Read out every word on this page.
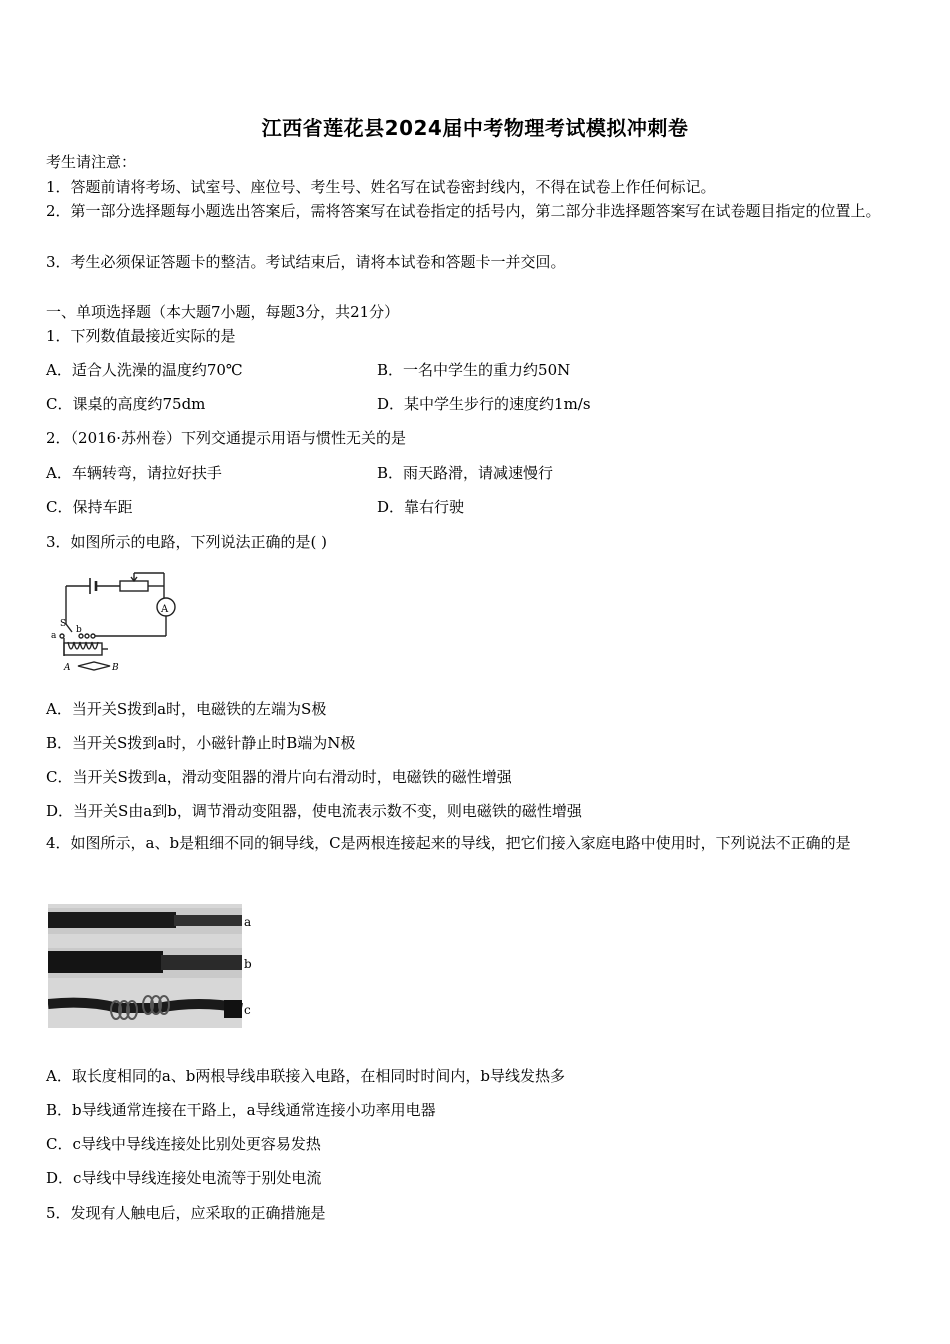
江西省莲花县2024届中考物理考试模拟冲刺卷
考生请注意：
1．答题前请将考场、试室号、座位号、考生号、姓名写在试卷密封线内，不得在试卷上作任何标记。
2．第一部分选择题每小题选出答案后，需将答案写在试卷指定的括号内，第二部分非选择题答案写在试卷题目指定的位置上。
3．考生必须保证答题卡的整洁。考试结束后，请将本试卷和答题卡一并交回。
一、单项选择题（本大题7小题，每题3分，共21分）
1．下列数值最接近实际的是
A．适合人洗澡的温度约70℃	B．一名中学生的重力约50N
C．课桌的高度约75dm	D．某中学生步行的速度约1m/s
2．（2016·苏州卷）下列交通提示用语与惯性无关的是
A．车辆转弯，请拉好扶手	B．雨天路滑，请减速慢行
C．保持车距	D．靠右行驶
3．如图所示的电路，下列说法正确的是( )
A
S
a
b
A	B
A．当开关S拨到a时，电磁铁的左端为S极
B．当开关S拨到a时，小磁针静止时B端为N极
C．当开关S拨到a，滑动变阻器的滑片向右滑动时，电磁铁的磁性增强
D．当开关S由a到b，调节滑动变阻器，使电流表示数不变，则电磁铁的磁性增强
4．如图所示，a、b是粗细不同的铜导线，C是两根连接起来的导线，把它们接入家庭电路中使用时，下列说法不正确的是
a
b
c
A．取长度相同的a、b两根导线串联接入电路，在相同时时间内，b导线发热多
B．b导线通常连接在干路上，a导线通常连接小功率用电器
C．c导线中导线连接处比别处更容易发热
D．c导线中导线连接处电流等于别处电流
5．发现有人触电后，应采取的正确措施是
